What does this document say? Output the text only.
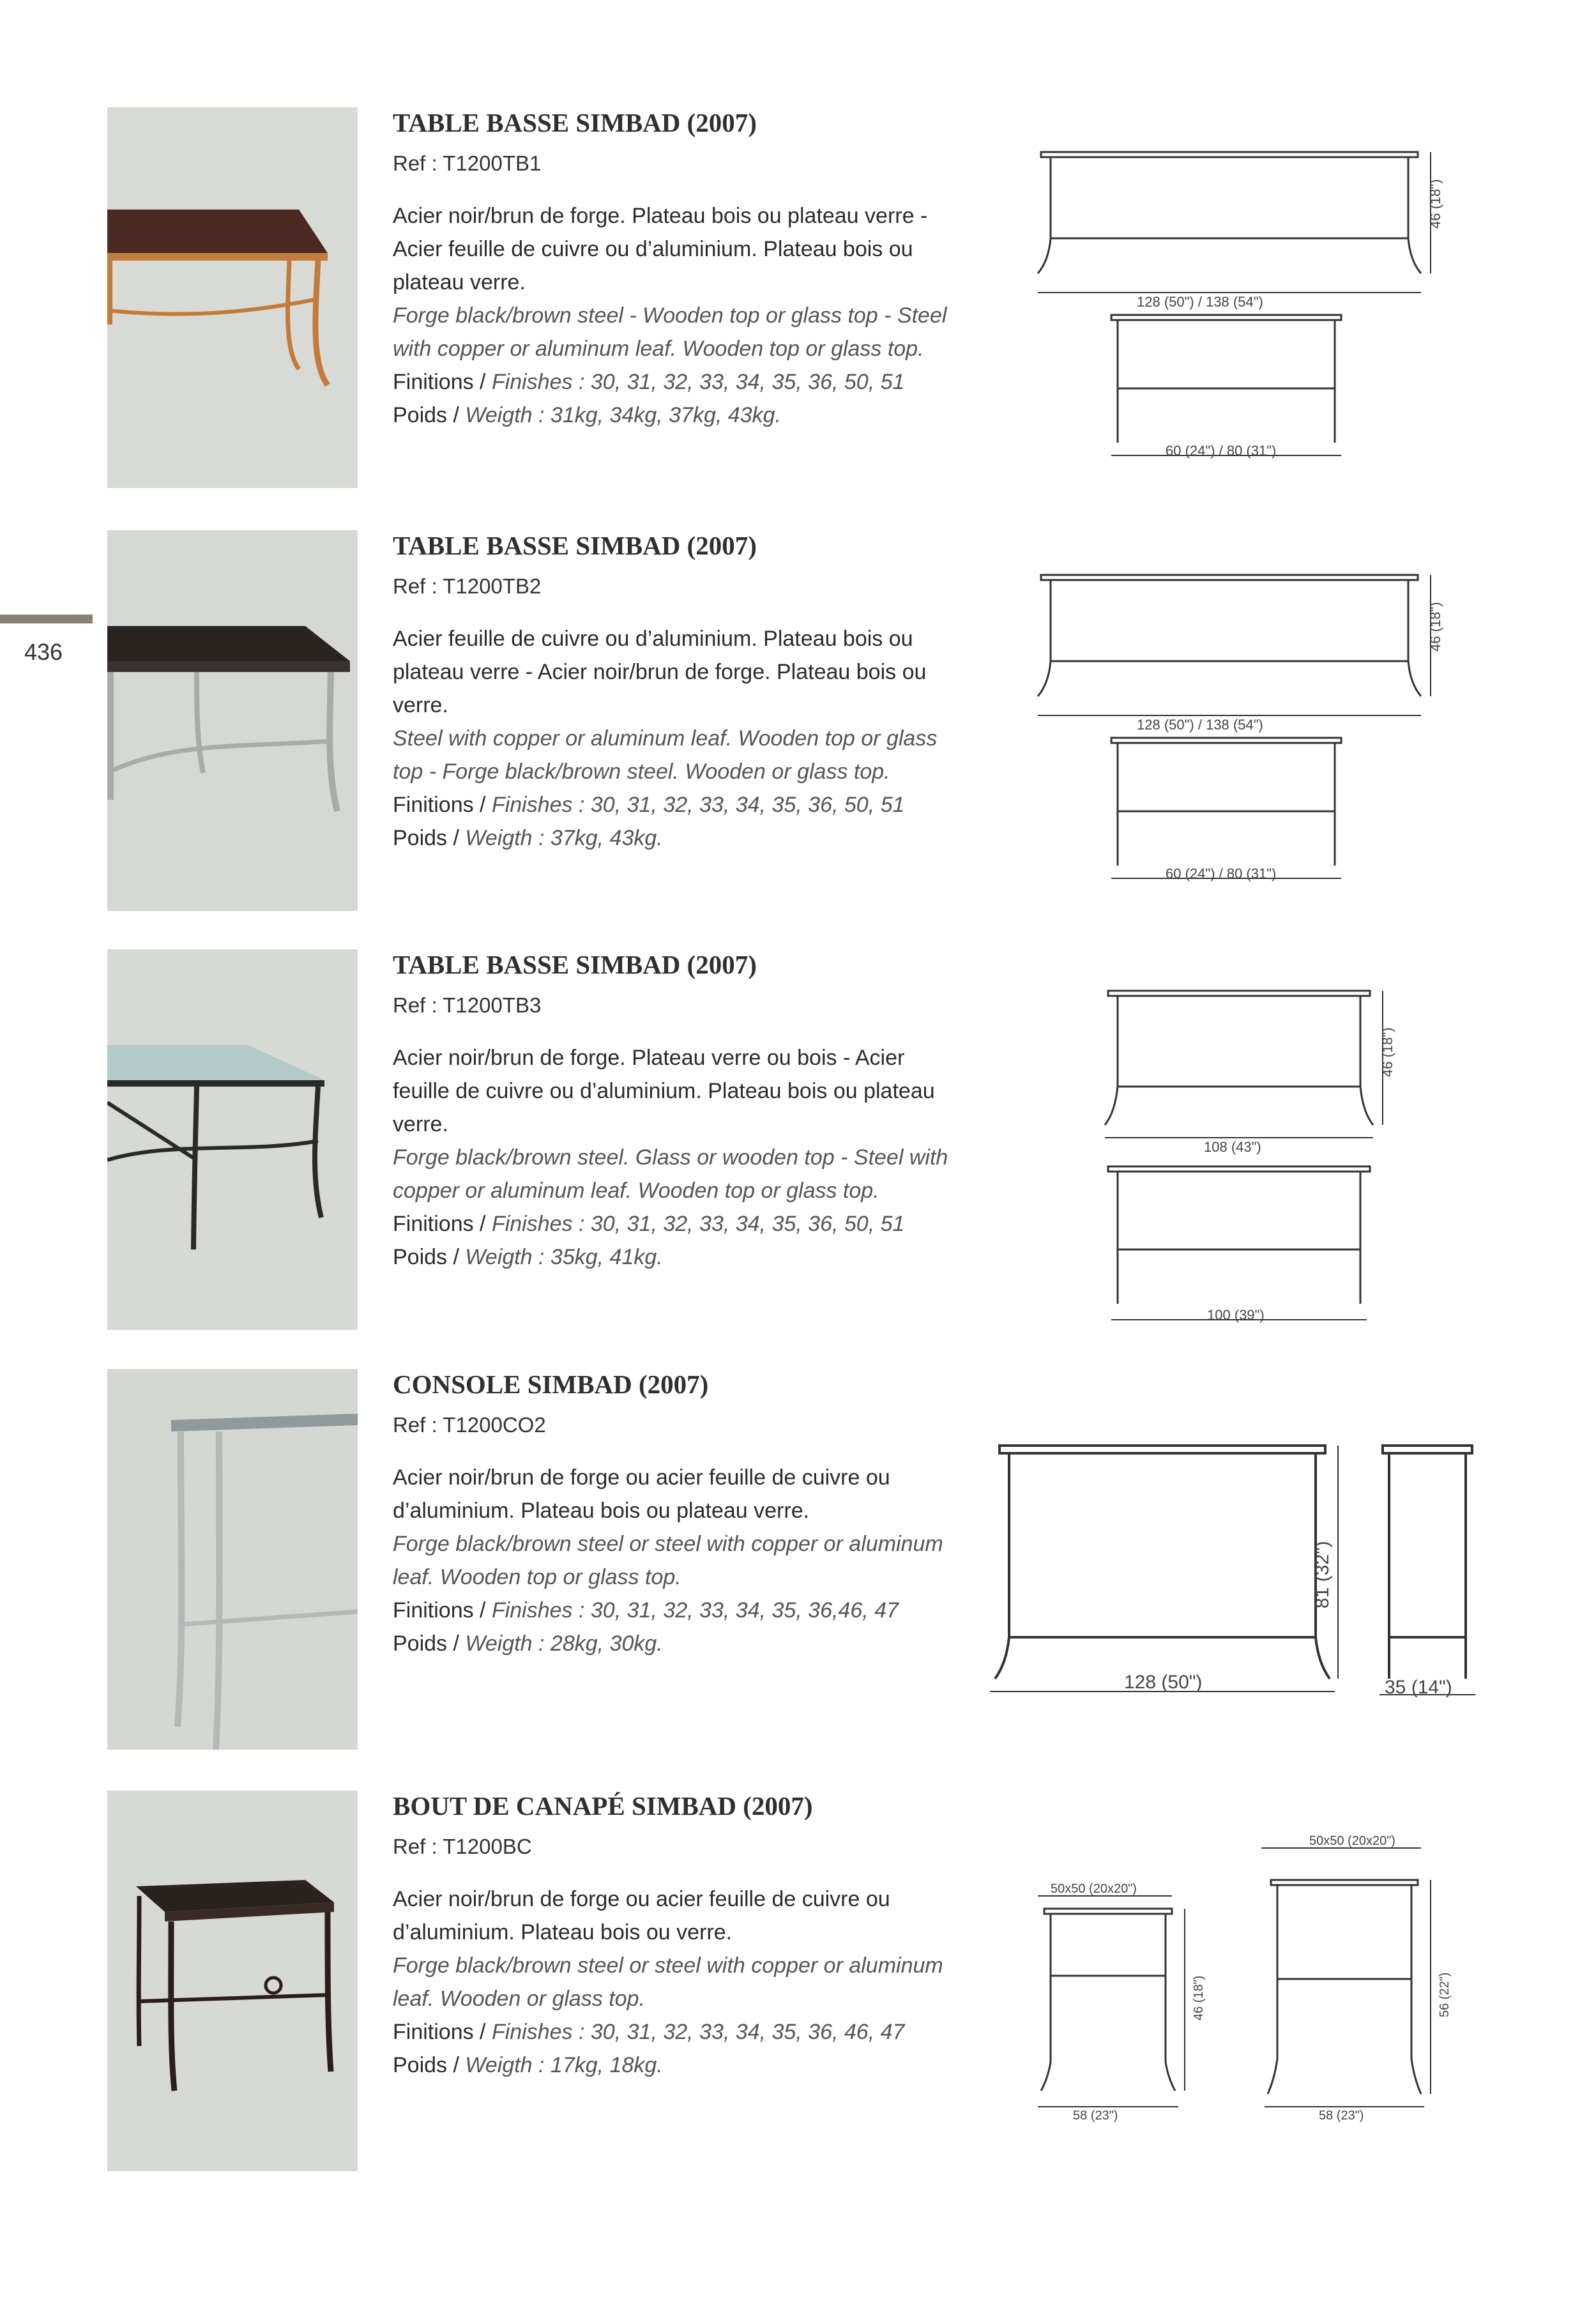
436
TABLE BASSE SIMBAD (2007)
Ref : T1200TB1
Acier noir/brun de forge. Plateau bois ou plateau verre - Acier feuille de cuivre ou d’aluminium. Plateau bois ou plateau verre.
Forge black/brown steel - Wooden top or glass top - Steel with copper or aluminum leaf. Wooden top or glass top.
Finitions / Finishes : 30, 31, 32, 33, 34, 35, 36, 50, 51
Poids / Weigth : 31kg, 34kg, 37kg, 43kg.
46 (18")
128 (50") / 138 (54")
60 (24") / 80 (31")
TABLE BASSE SIMBAD (2007)
Ref : T1200TB2
Acier feuille de cuivre ou d’aluminium. Plateau bois ou plateau verre - Acier noir/brun de forge. Plateau bois ou verre.
Steel with copper or aluminum leaf. Wooden top or glass top - Forge black/brown steel. Wooden or glass top.
Finitions / Finishes : 30, 31, 32, 33, 34, 35, 36, 50, 51
Poids / Weigth : 37kg, 43kg.
46 (18")
128 (50") / 138 (54")
60 (24") / 80 (31")
TABLE BASSE SIMBAD (2007)
Ref : T1200TB3
Acier noir/brun de forge. Plateau verre ou bois - Acier feuille de cuivre ou d’aluminium. Plateau bois ou plateau verre.
Forge black/brown steel. Glass or wooden top - Steel with copper or aluminum leaf. Wooden top or glass top.
Finitions / Finishes : 30, 31, 32, 33, 34, 35, 36, 50, 51
Poids / Weigth : 35kg, 41kg.
46 (18")
108 (43")
100 (39")
CONSOLE SIMBAD (2007)
Ref : T1200CO2
Acier noir/brun de forge ou acier feuille de cuivre ou d’aluminium. Plateau bois ou plateau verre.
Forge black/brown steel or steel with copper or aluminum leaf. Wooden top or glass top.
Finitions / Finishes : 30, 31, 32, 33, 34, 35, 36,46, 47
Poids / Weigth : 28kg, 30kg.
81 (32")
128 (50")	35 (14")
BOUT DE CANAPÉ SIMBAD (2007)
Ref : T1200BC
Acier noir/brun de forge ou acier feuille de cuivre ou d’aluminium. Plateau bois ou verre.
Forge black/brown steel or steel with copper or aluminum leaf. Wooden or glass top.
Finitions / Finishes : 30, 31, 32, 33, 34, 35, 36, 46, 47
Poids / Weigth : 17kg, 18kg.
50x50 (20x20")
46 (18")
58 (23")
50x50 (20x20")
56 (22")
58 (23")
